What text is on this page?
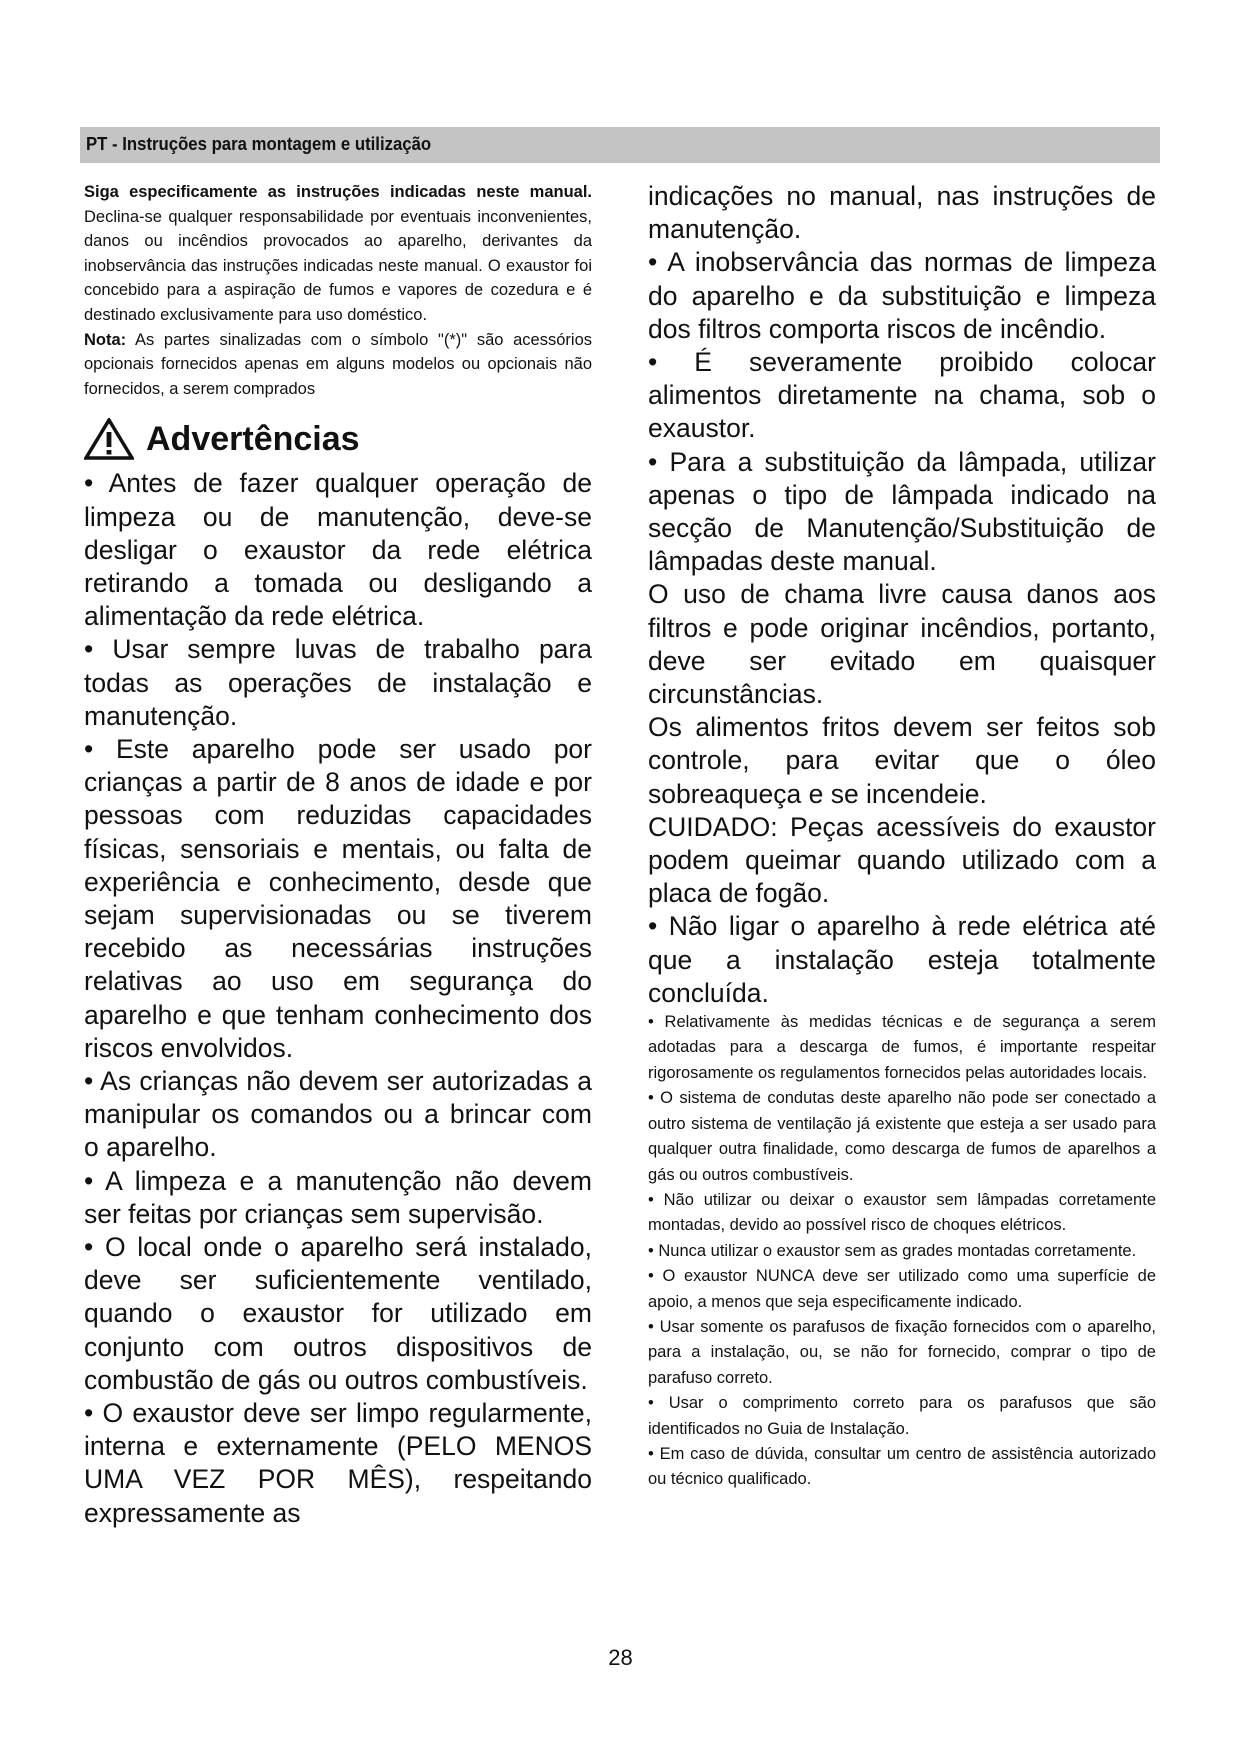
PT - Instruções para montagem e utilização

Siga especificamente as instruções indicadas neste manual. Declina-se qualquer responsabilidade por eventuais inconvenientes, danos ou incêndios provocados ao aparelho, derivantes da inobservância das instruções indicadas neste manual. O exaustor foi concebido para a aspiração de fumos e vapores de cozedura e é destinado exclusivamente para uso doméstico.

Nota: As partes sinalizadas com o símbolo "(*)" são acessórios opcionais fornecidos apenas em alguns modelos ou opcionais não fornecidos, a serem comprados

Advertências

• Antes de fazer qualquer operação de limpeza ou de manutenção, deve-se desligar o exaustor da rede elétrica retirando a tomada ou desligando a alimentação da rede elétrica.

• Usar sempre luvas de trabalho para todas as operações de instalação e manutenção.

• Este aparelho pode ser usado por crianças a partir de 8 anos de idade e por pessoas com reduzidas capacidades físicas, sensoriais e mentais, ou falta de experiência e conhecimento, desde que sejam supervisionadas ou se tiverem recebido as necessárias instruções relativas ao uso em segurança do aparelho e que tenham conhecimento dos riscos envolvidos.

• As crianças não devem ser autorizadas a manipular os comandos ou a brincar com o aparelho.

• A limpeza e a manutenção não devem ser feitas por crianças sem supervisão.

• O local onde o aparelho será instalado, deve ser suficientemente ventilado, quando o exaustor for utilizado em conjunto com outros dispositivos de combustão de gás ou outros combustíveis.

• O exaustor deve ser limpo regularmente, interna e externamente (PELO MENOS UMA VEZ POR MÊS), respeitando expressamente as

indicações no manual, nas instruções de manutenção.

• A inobservância das normas de limpeza do aparelho e da substituição e limpeza dos filtros comporta riscos de incêndio.

• É severamente proibido colocar alimentos diretamente na chama, sob o exaustor.

• Para a substituição da lâmpada, utilizar apenas o tipo de lâmpada indicado na secção de Manutenção/Substituição de lâmpadas deste manual.

O uso de chama livre causa danos aos filtros e pode originar incêndios, portanto, deve ser evitado em quaisquer circunstâncias.

Os alimentos fritos devem ser feitos sob controle, para evitar que o óleo sobreaqueça e se incendeie.

CUIDADO: Peças acessíveis do exaustor podem queimar quando utilizado com a placa de fogão.

• Não ligar o aparelho à rede elétrica até que a instalação esteja totalmente concluída.

• Relativamente às medidas técnicas e de segurança a serem adotadas para a descarga de fumos, é importante respeitar rigorosamente os regulamentos fornecidos pelas autoridades locais.

• O sistema de condutas deste aparelho não pode ser conectado a outro sistema de ventilação já existente que esteja a ser usado para qualquer outra finalidade, como descarga de fumos de aparelhos a gás ou outros combustíveis.

• Não utilizar ou deixar o exaustor sem lâmpadas corretamente montadas, devido ao possível risco de choques elétricos.

• Nunca utilizar o exaustor sem as grades montadas corretamente.

• O exaustor NUNCA deve ser utilizado como uma superfície de apoio, a menos que seja especificamente indicado.

• Usar somente os parafusos de fixação fornecidos com o aparelho, para a instalação, ou, se não for fornecido, comprar o tipo de parafuso correto.

• Usar o comprimento correto para os parafusos que são identificados no Guia de Instalação.

• Em caso de dúvida, consultar um centro de assistência autorizado ou técnico qualificado.

28
